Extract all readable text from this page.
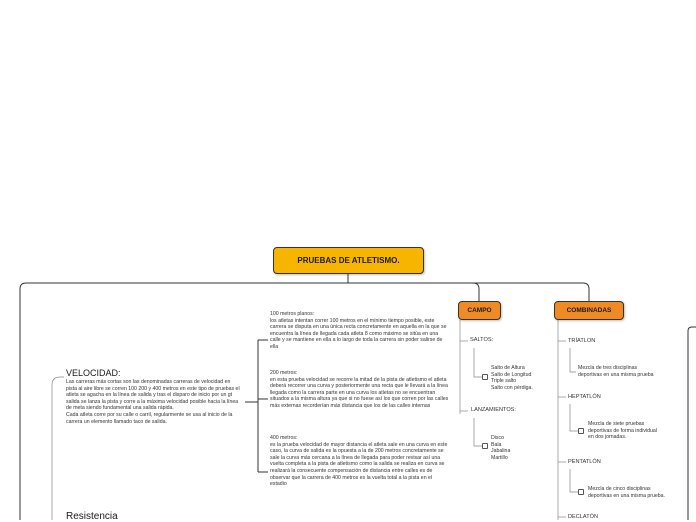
PRUEBAS DE ATLETISMO.
VELOCIDAD:
Las carreras más cortas son las denominadas carreras de velocidad en
pista al aire libre se corren 100 200 y 400 metros en este tipo de pruebas el atleta se agacha en la línea de salida y tras el disparo de inicio por un gt salida se lanza la pista y corre a la máxima velocidad posible hacia la línea
de meta siendo fundamental una salida rápida.
Cada atleta corre por su calle o carril, regularmente se usa al inicio de la carrera un elemento llamado taco de salida.
100 metros planos:
los atletas intentan correr 100 metros en el mínimo tiempo posible, este carrera se disputa en una única recta concretamente en aquella en la que se encuentra la línea de llegada cada atleta 8 como máximo se sitúa en una calle y se mantiene en ella a lo largo de toda la carrera sin poder salirse de ella
200 metros:
en esta prueba velocidad se recorre la mitad de la pista de atletismo el atleta deberá recorrer una curva y posteriormente una recta que le llevará a la línea llegada como la carrera parte en una curva los atletas no se encuentran situados a la misma altura ya que si no fuese así los que corren por las calles más externas recorderían más distancia que los de las calles internas
400 metros:
es la prueba velocidad de mayor distancia el atleta sale en una curva en este caso, la curva de salida es la opuesta a la de 200 metros concretamente se sale la curva más cercana a la línea de llegada para poder revisar así una vuelta completa a la pista de atletismo como la salida se realiza en curva se realizará la consecuente compensación de distancia entre calles es de observar que la carrera de 400 metros es la vuelta total a la pista en el estadio
Resistencia
CAMPO
SALTOS:
Salto de Altura
Salto de Longitud
Triple salto
Salto con pérdiga.
LANZAMIENTOS:
Disco
Bala
Jabalina
Martillo
COMBINADAS
TRÍATLON
Mezcla de tres disciplinas
deportivas en una misma prueba
HEPTATLÓN
Mezcla de siete pruebas
deportivas de forma individual
en dos jornadas.
PENTATLÓN
Mezcla de cinco disciplinas
deportivas en una misma prueba.
DECLATÓN
